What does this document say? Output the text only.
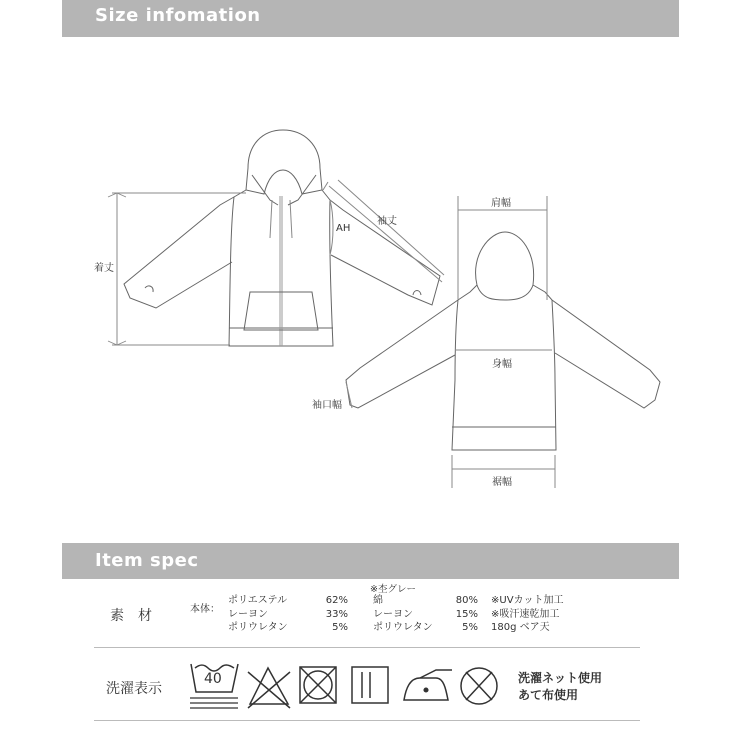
Size infomation
着丈
AH
袖丈
肩幅
身幅
袖口幅
裾幅
Item spec
素　材	本体：
ポリエステル
レーヨン
ポリウレタン
62%
33%
5%
※杢グレー
綿
レーヨン
ポリウレタン
80%
15%
5%
※UVカット加工
※吸汗速乾加工
180g ベア天
洗濯表示
40	洗濯ネット使用
あて布使用
